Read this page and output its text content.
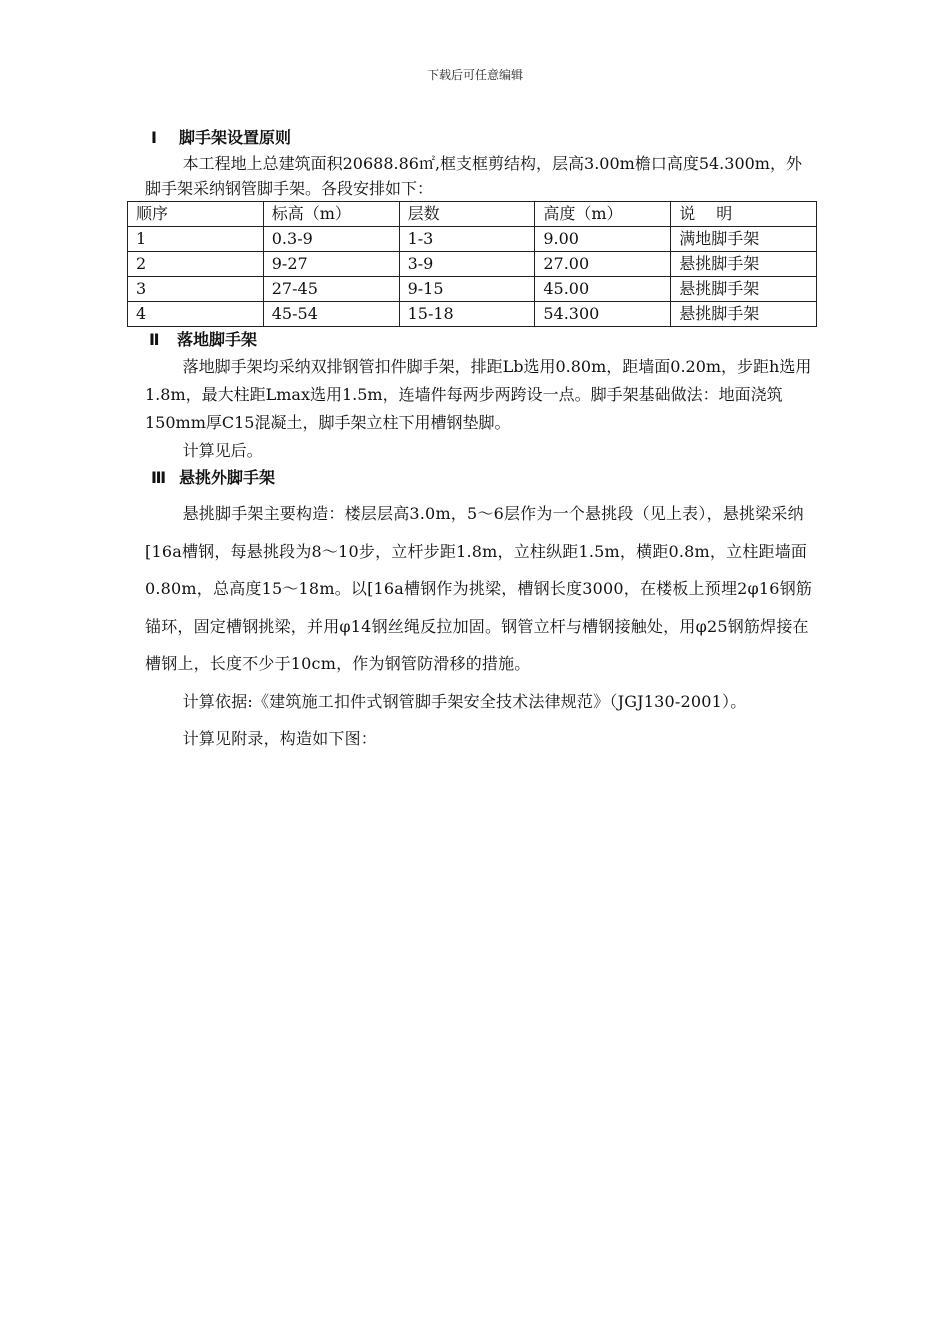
下载后可任意编辑
Ⅰ 脚手架设置原则

本工程地上总建筑面积20688.86㎡,框支框剪结构，层高3.00m檐口高度54.300m，外脚手架采纳钢管脚手架。各段安排如下：

顺序	标高（m）	层数	高度（m）	说　 明
1	0.3-9	1-3	9.00	满地脚手架
2	9-27	3-9	27.00	悬挑脚手架
3	27-45	9-15	45.00	悬挑脚手架
4	45-54	15-18	54.300	悬挑脚手架
Ⅱ 落地脚手架

落地脚手架均采纳双排钢管扣件脚手架，排距Lb选用0.80m，距墙面0.20m，步距h选用1.8m，最大柱距Lmax选用1.5m，连墙件每两步两跨设一点。脚手架基础做法：地面浇筑150mm厚C15混凝土，脚手架立柱下用槽钢垫脚。

计算见后。

Ⅲ 悬挑外脚手架

悬挑脚手架主要构造：楼层层高3.0m，5～6层作为一个悬挑段（见上表），悬挑梁采纳[16a槽钢，每悬挑段为8～10步，立杆步距1.8m，立柱纵距1.5m，横距0.8m，立柱距墙面0.80m，总高度15～18m。以[16a槽钢作为挑梁，槽钢长度3000，在楼板上预埋2φ16钢筋锚环，固定槽钢挑梁，并用φ14钢丝绳反拉加固。钢管立杆与槽钢接触处，用φ25钢筋焊接在槽钢上，长度不少于10cm，作为钢管防滑移的措施。

计算依据:《建筑施工扣件式钢管脚手架安全技术法律规范》（JGJ130-2001）。

计算见附录，构造如下图：
